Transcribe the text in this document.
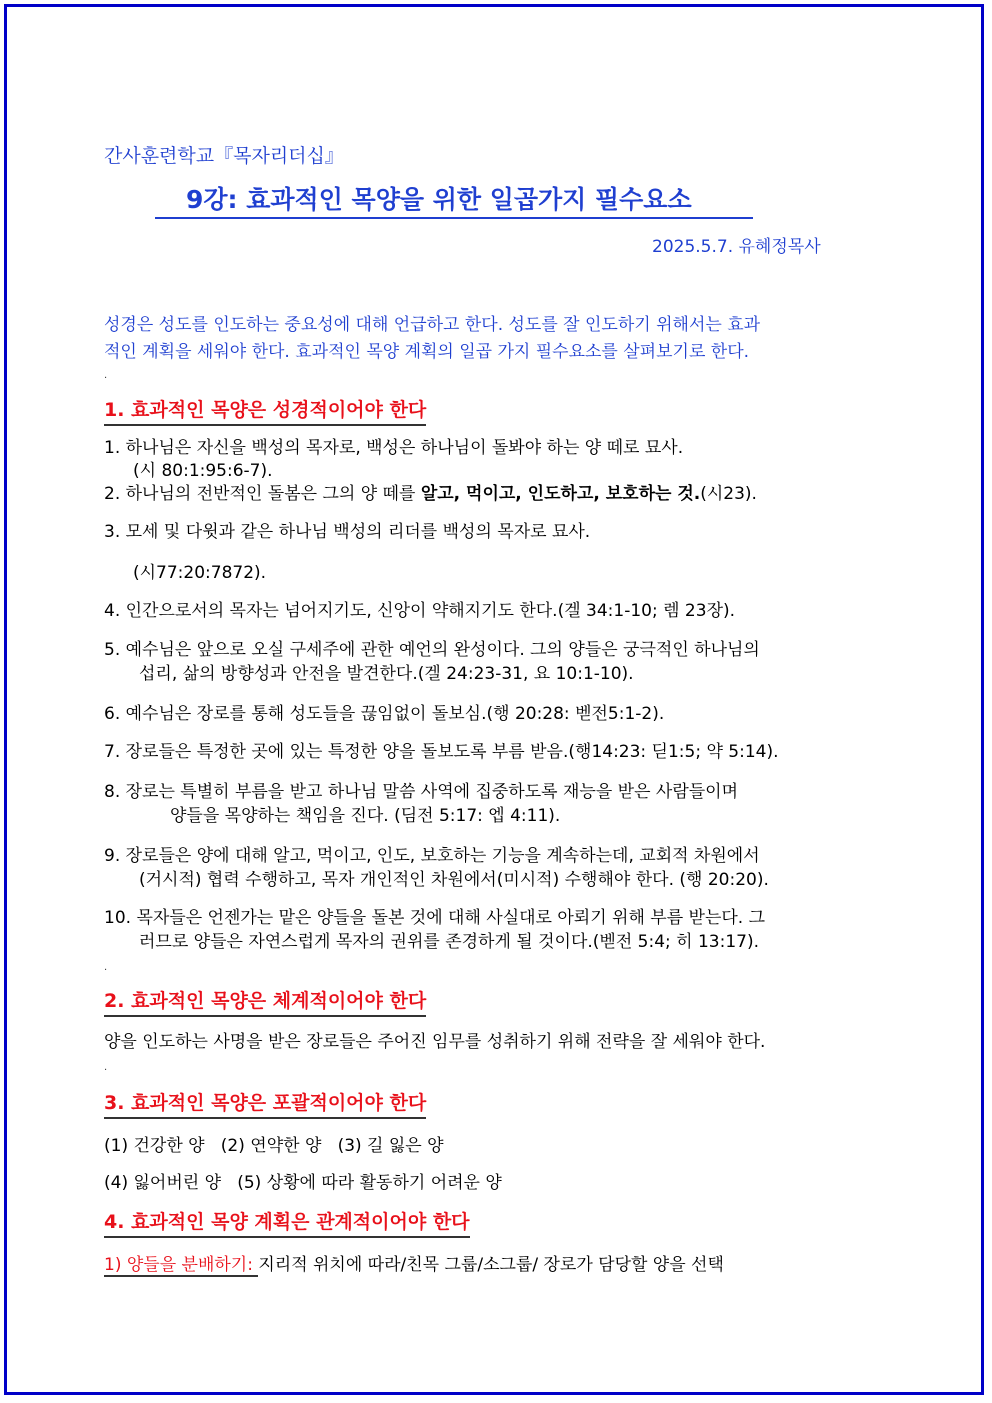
간사훈련학교『목자리더십』
9강: 효과적인 목양을 위한 일곱가지 필수요소
2025.5.7. 유혜정목사
성경은 성도를 인도하는 중요성에 대해 언급하고 한다. 성도를 잘 인도하기 위해서는 효과
적인 계획을 세워야 한다. 효과적인 목양 계획의 일곱 가지 필수요소를 살펴보기로 한다.
.
1. 효과적인 목양은 성경적이어야 한다
1. 하나님은 자신을 백성의 목자로, 백성은 하나님이 돌봐야 하는 양 떼로 묘사.
(시 80:1:95:6-7).
2. 하나님의 전반적인 돌봄은 그의 양 떼를 알고, 먹이고, 인도하고, 보호하는 것.(시23).
3. 모세 및 다윗과 같은 하나님 백성의 리더를 백성의 목자로 묘사.
(시77:20:7872).
4. 인간으로서의 목자는 넘어지기도, 신앙이 약해지기도 한다.(겔 34:1-10; 렘 23장).
5. 예수님은 앞으로 오실 구세주에 관한 예언의 완성이다. 그의 양들은 궁극적인 하나님의
섭리, 삶의 방향성과 안전을 발견한다.(겔 24:23-31, 요 10:1-10).
6. 예수님은 장로를 통해 성도들을 끊임없이 돌보심.(행 20:28: 벧전5:1-2).
7. 장로들은 특정한 곳에 있는 특정한 양을 돌보도록 부름 받음.(행14:23: 딛1:5; 약 5:14).
8. 장로는 특별히 부름을 받고 하나님 말씀 사역에 집중하도록 재능을 받은 사람들이며
양들을 목양하는 책임을 진다. (딤전 5:17: 엡 4:11).
9. 장로들은 양에 대해 알고, 먹이고, 인도, 보호하는 기능을 계속하는데, 교회적 차원에서
(거시적) 협력 수행하고, 목자 개인적인 차원에서(미시적) 수행해야 한다. (행 20:20).
10. 목자들은 언젠가는 맡은 양들을 돌본 것에 대해 사실대로 아뢰기 위해 부름 받는다. 그
러므로 양들은 자연스럽게 목자의 권위를 존경하게 될 것이다.(벧전 5:4; 히 13:17).
.
2. 효과적인 목양은 체계적이어야 한다
양을 인도하는 사명을 받은 장로들은 주어진 임무를 성취하기 위해 전략을 잘 세워야 한다.
.
3. 효과적인 목양은 포괄적이어야 한다
(1) 건강한 양   (2) 연약한 양   (3) 길 잃은 양
(4) 잃어버린 양   (5) 상황에 따라 활동하기 어려운 양
4. 효과적인 목양 계획은 관계적이어야 한다
1) 양들을 분배하기: 지리적 위치에 따라/친목 그룹/소그룹/ 장로가 담당할 양을 선택
